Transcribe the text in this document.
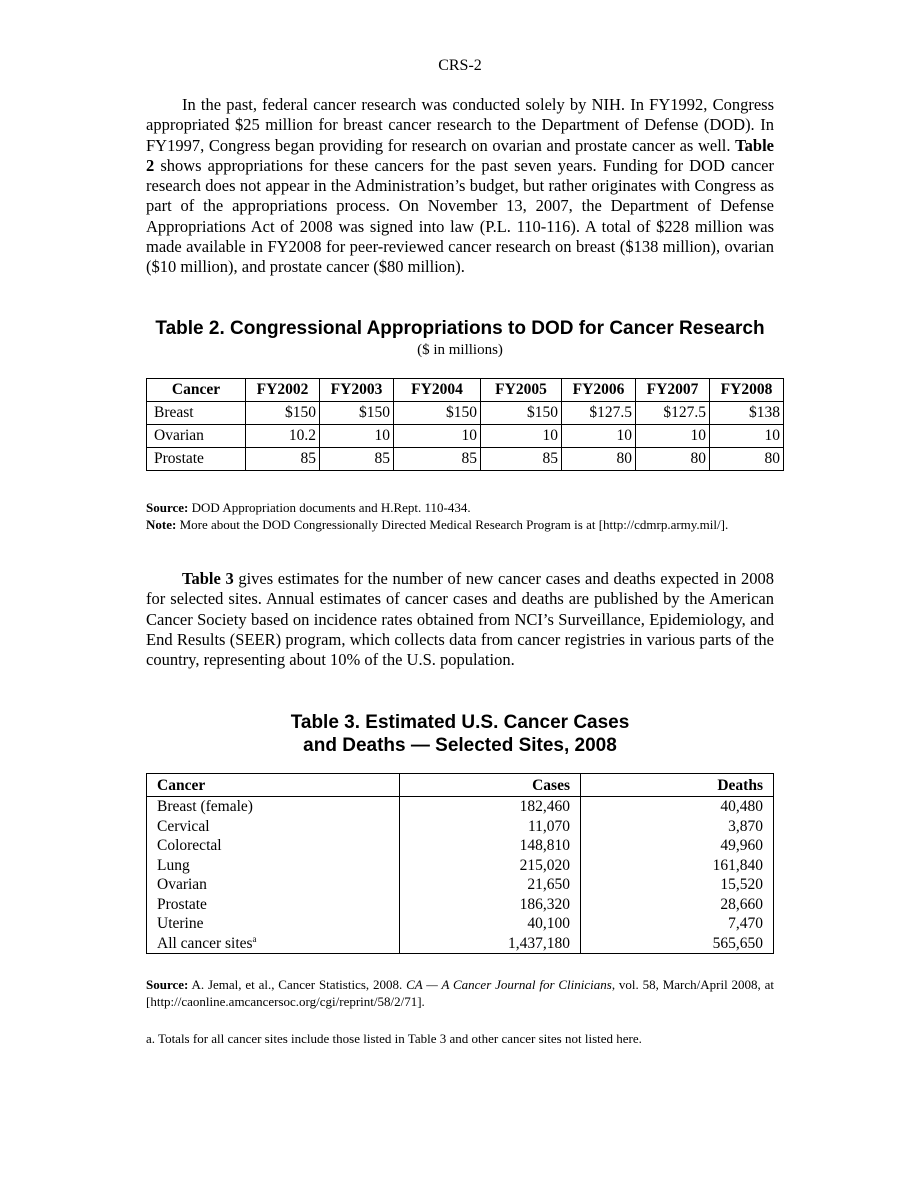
CRS-2

In the past, federal cancer research was conducted solely by NIH. In FY1992, Congress appropriated $25 million for breast cancer research to the Department of Defense (DOD). In FY1997, Congress began providing for research on ovarian and prostate cancer as well. Table 2 shows appropriations for these cancers for the past seven years. Funding for DOD cancer research does not appear in the Administration’s budget, but rather originates with Congress as part of the appropriations process. On November 13, 2007, the Department of Defense Appropriations Act of 2008 was signed into law (P.L. 110-116). A total of $228 million was made available in FY2008 for peer-reviewed cancer research on breast ($138 million), ovarian ($10 million), and prostate cancer ($80 million).

Table 2. Congressional Appropriations to DOD for Cancer Research
($ in millions)
Cancer	FY2002	FY2003	FY2004	FY2005	FY2006	FY2007	FY2008
Breast	$150	$150	$150	$150	$127.5	$127.5	$138
Ovarian	10.2	10	10	10	10	10	10
Prostate	85	85	85	85	80	80	80

Source: DOD Appropriation documents and H.Rept. 110-434.

Note: More about the DOD Congressionally Directed Medical Research Program is at [http://cdmrp.army.mil/].

Table 3 gives estimates for the number of new cancer cases and deaths expected in 2008 for selected sites. Annual estimates of cancer cases and deaths are published by the American Cancer Society based on incidence rates obtained from NCI’s Surveillance, Epidemiology, and End Results (SEER) program, which collects data from cancer registries in various parts of the country, representing about 10% of the U.S. population.

Table 3. Estimated U.S. Cancer Cases
and Deaths — Selected Sites, 2008
Cancer	Cases	Deaths
Breast (female)	182,460	40,480
Cervical	11,070	3,870
Colorectal	148,810	49,960
Lung	215,020	161,840
Ovarian	21,650	15,520
Prostate	186,320	28,660
Uterine	40,100	7,470
All cancer sites$^a$	1,437,180	565,650

Source: A. Jemal, et al., Cancer Statistics, 2008. CA — A Cancer Journal for Clinicians, vol. 58, March/April 2008, at [http://caonline.amcancersoc.org/cgi/reprint/58/2/71].

a. Totals for all cancer sites include those listed in Table 3 and other cancer sites not listed here.
